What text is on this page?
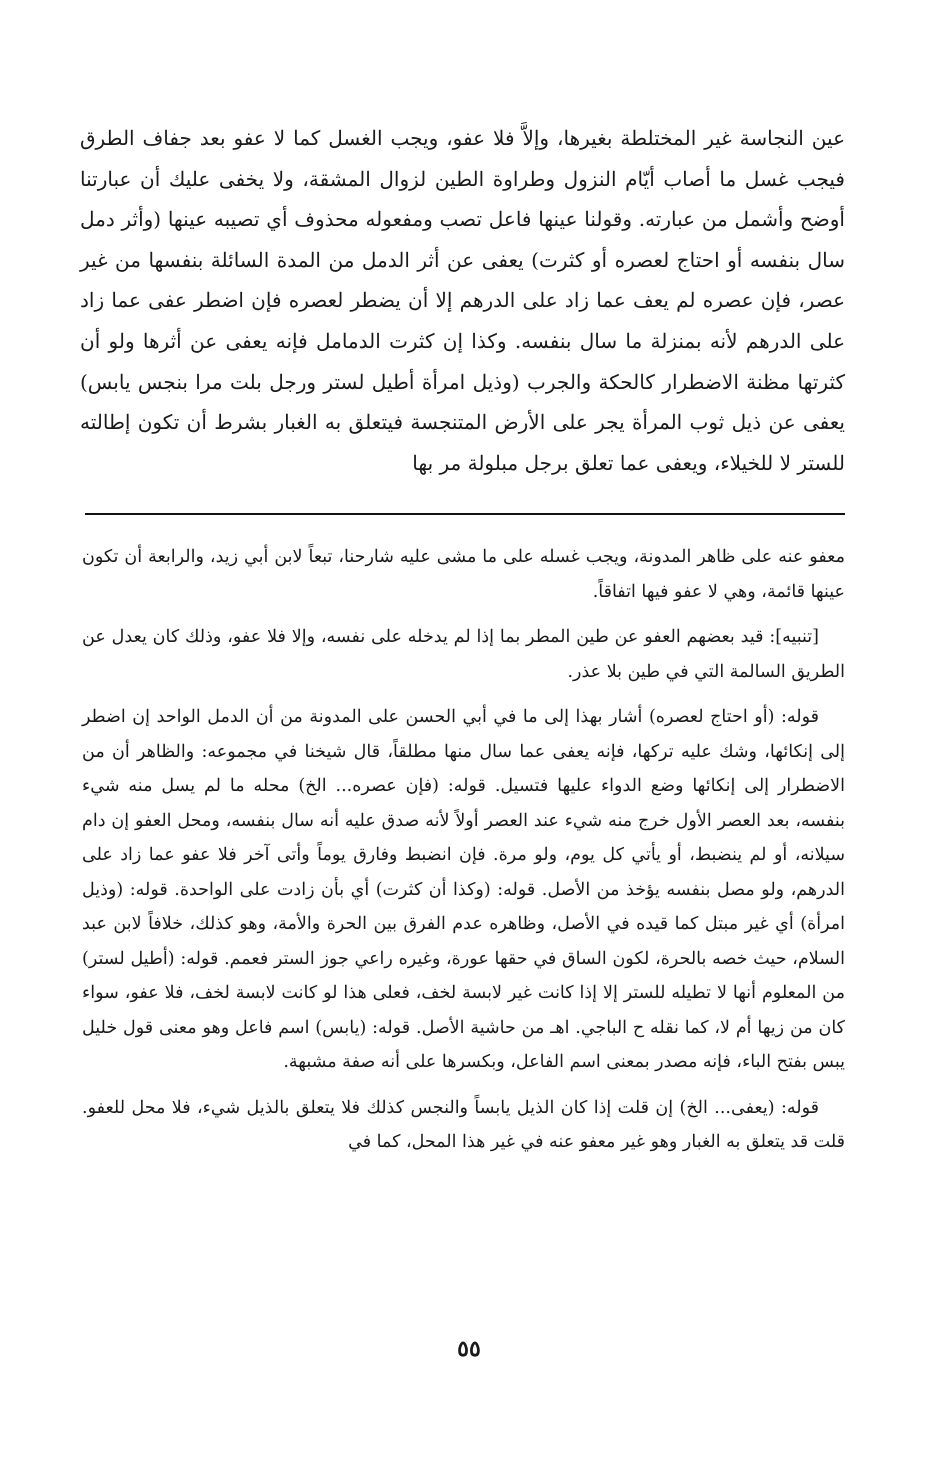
عين النجاسة غير المختلطة بغيرها، وإلاَّ فلا عفو، ويجب الغسل كما لا عفو بعد جفاف الطرق فيجب غسل ما أصاب أيّام النزول وطراوة الطين لزوال المشقة، ولا يخفى عليك أن عبارتنا أوضح وأشمل من عبارته. وقولنا عينها فاعل تصب ومفعوله محذوف أي تصيبه عينها (وأثر دمل سال بنفسه أو احتاج لعصره أو كثرت) يعفى عن أثر الدمل من المدة السائلة بنفسها من غير عصر، فإن عصره لم يعف عما زاد على الدرهم إلا أن يضطر لعصره فإن اضطر عفى عما زاد على الدرهم لأنه بمنزلة ما سال بنفسه. وكذا إن كثرت الدمامل فإنه يعفى عن أثرها ولو أن كثرتها مظنة الاضطرار كالحكة والجرب (وذيل امرأة أطيل لستر ورجل بلت مرا بنجس يابس) يعفى عن ذيل ثوب المرأة يجر على الأرض المتنجسة فيتعلق به الغبار بشرط أن تكون إطالته للستر لا للخيلاء، ويعفى عما تعلق برجل مبلولة مر بها

معفو عنه على ظاهر المدونة، ويجب غسله على ما مشى عليه شارحنا، تبعاً لابن أبي زيد، والرابعة أن تكون عينها قائمة، وهي لا عفو فيها اتفاقاً.

[تنبيه]: قيد بعضهم العفو عن طين المطر بما إذا لم يدخله على نفسه، وإلا فلا عفو، وذلك كان يعدل عن الطريق السالمة التي في طين بلا عذر.

قوله: (أو احتاج لعصره) أشار بهذا إلى ما في أبي الحسن على المدونة من أن الدمل الواحد إن اضطر إلى إنكائها، وشك عليه تركها، فإنه يعفى عما سال منها مطلقاً، قال شيخنا في مجموعه: والظاهر أن من الاضطرار إلى إنكائها وضع الدواء عليها فتسيل. قوله: (فإن عصره... الخ) محله ما لم يسل منه شيء بنفسه، بعد العصر الأول خرج منه شيء عند العصر أولاً لأنه صدق عليه أنه سال بنفسه، ومحل العفو إن دام سيلانه، أو لم ينضبط، أو يأتي كل يوم، ولو مرة. فإن انضبط وفارق يوماً وأتى آخر فلا عفو عما زاد على الدرهم، ولو مصل بنفسه يؤخذ من الأصل. قوله: (وكذا أن كثرت) أي بأن زادت على الواحدة. قوله: (وذيل امرأة) أي غير مبتل كما قيده في الأصل، وظاهره عدم الفرق بين الحرة والأمة، وهو كذلك، خلافاً لابن عبد السلام، حيث خصه بالحرة، لكون الساق في حقها عورة، وغيره راعي جوز الستر فعمم. قوله: (أطيل لستر) من المعلوم أنها لا تطيله للستر إلا إذا كانت غير لابسة لخف، فعلى هذا لو كانت لابسة لخف، فلا عفو، سواء كان من زيها أم لا، كما نقله ح الباجي. اهـ من حاشية الأصل. قوله: (يابس) اسم فاعل وهو معنى قول خليل يبس بفتح الباء، فإنه مصدر بمعنى اسم الفاعل، وبكسرها على أنه صفة مشبهة.

قوله: (يعفى... الخ) إن قلت إذا كان الذيل يابساً والنجس كذلك فلا يتعلق بالذيل شيء، فلا محل للعفو. قلت قد يتعلق به الغبار وهو غير معفو عنه في غير هذا المحل، كما في

٥٥
